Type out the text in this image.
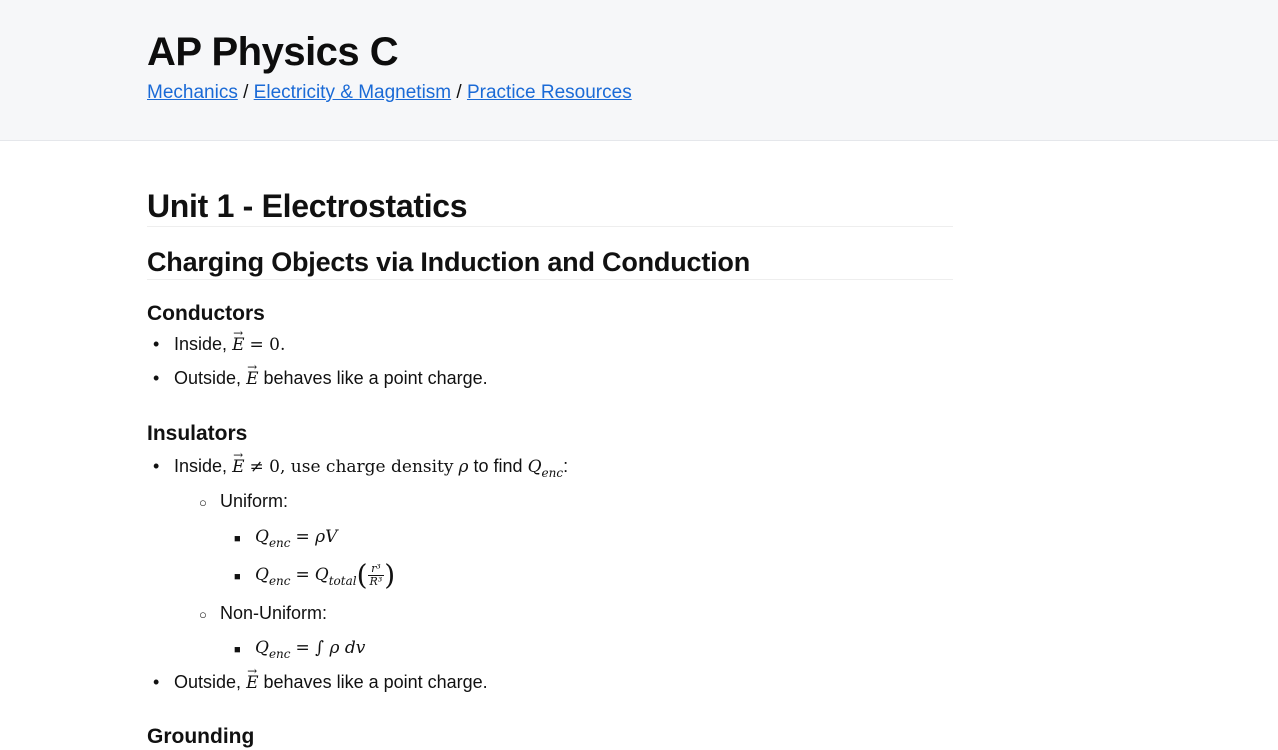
AP Physics C
Mechanics / Electricity & Magnetism / Practice Resources
Unit 1 - Electrostatics
Charging Objects via Induction and Conduction
Conductors
• Inside, → E = 0.
• Outside, → E behaves like a point charge.
Insulators
• Inside, → E ≠ 0, use charge density ρ to find $Q_{enc}$:
○ Uniform:
■ $Q_{enc} = \rho V$
■ $Q_{enc} = Q_{total}( \frac{\text{r³}}{\text{R³}}$ )
○ Non-Uniform:
■ $Q_{enc}$ = ∫ ρ dv
• Outside, → E behaves like a point charge.
Grounding
